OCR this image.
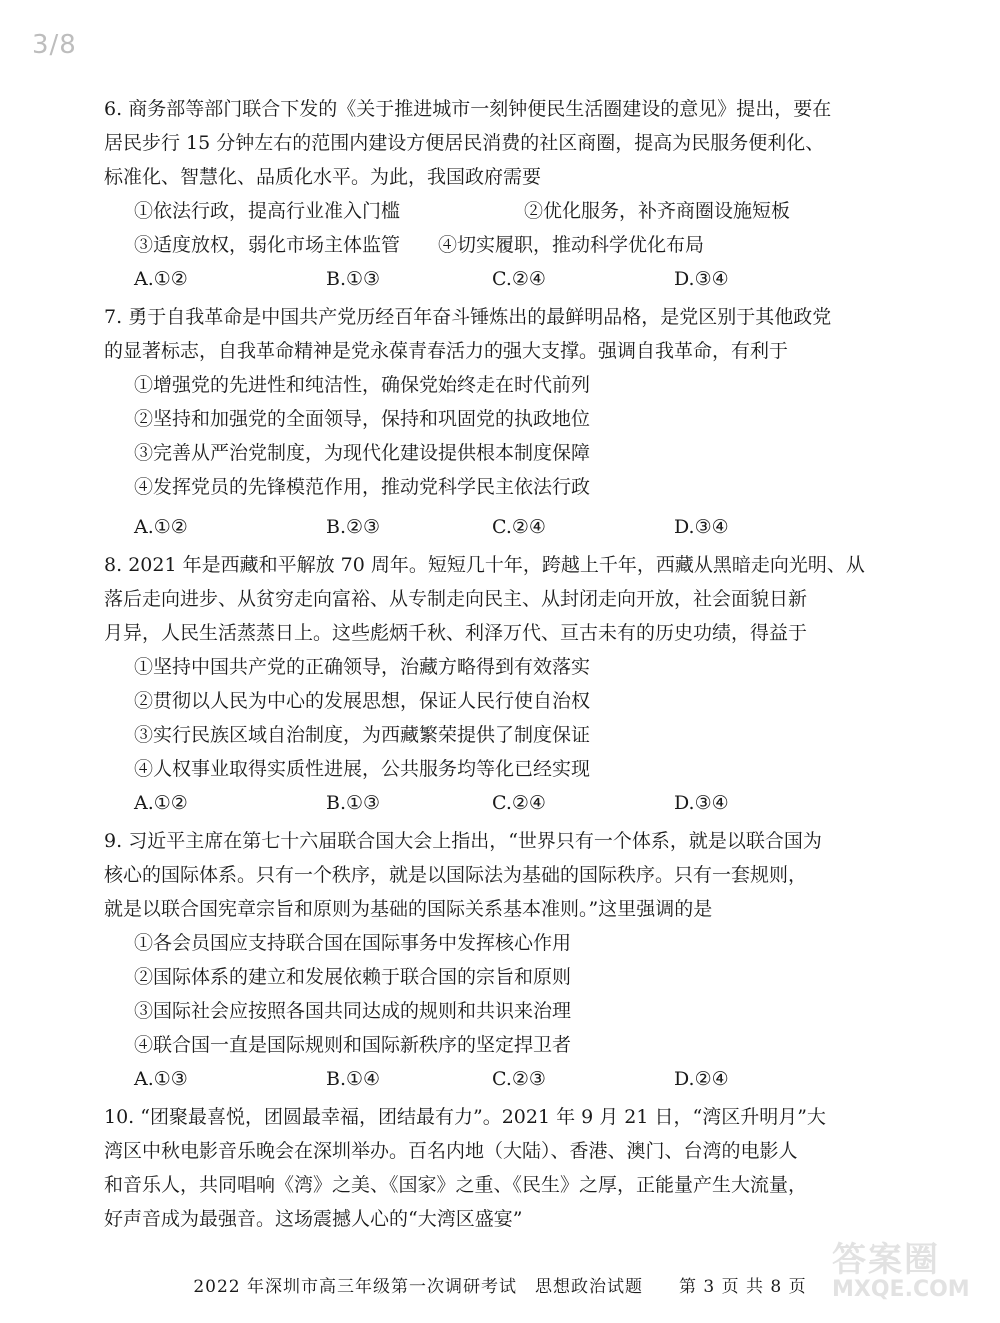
3/8
6. 商务部等部门联合下发的《关于推进城市一刻钟便民生活圈建设的意见》提出，要在
居民步行 15 分钟左右的范围内建设方便居民消费的社区商圈，提高为民服务便利化、
标准化、智慧化、品质化水平。为此，我国政府需要
①依法行政，提高行业准入门槛	②优化服务，补齐商圈设施短板
③适度放权，弱化市场主体监管 ④切实履职，推动科学优化布局
A.①②	B.①③	C.②④	D.③④
7. 勇于自我革命是中国共产党历经百年奋斗锤炼出的最鲜明品格，是党区别于其他政党
的显著标志，自我革命精神是党永葆青春活力的强大支撑。强调自我革命，有利于
①增强党的先进性和纯洁性，确保党始终走在时代前列
②坚持和加强党的全面领导，保持和巩固党的执政地位
③完善从严治党制度，为现代化建设提供根本制度保障
④发挥党员的先锋模范作用，推动党科学民主依法行政
A.①②	B.②③	C.②④	D.③④
8. 2021 年是西藏和平解放 70 周年。短短几十年，跨越上千年，西藏从黑暗走向光明、从
落后走向进步、从贫穷走向富裕、从专制走向民主、从封闭走向开放，社会面貌日新
月异，人民生活蒸蒸日上。这些彪炳千秋、利泽万代、亘古未有的历史功绩，得益于
①坚持中国共产党的正确领导，治藏方略得到有效落实
②贯彻以人民为中心的发展思想，保证人民行使自治权
③实行民族区域自治制度，为西藏繁荣提供了制度保证
④人权事业取得实质性进展，公共服务均等化已经实现
A.①②	B.①③	C.②④	D.③④
9. 习近平主席在第七十六届联合国大会上指出，“世界只有一个体系，就是以联合国为
核心的国际体系。只有一个秩序，就是以国际法为基础的国际秩序。只有一套规则，
就是以联合国宪章宗旨和原则为基础的国际关系基本准则。”这里强调的是
①各会员国应支持联合国在国际事务中发挥核心作用
②国际体系的建立和发展依赖于联合国的宗旨和原则
③国际社会应按照各国共同达成的规则和共识来治理
④联合国一直是国际规则和国际新秩序的坚定捍卫者
A.①③	B.①④	C.②③	D.②④
10. “团聚最喜悦，团圆最幸福，团结最有力”。2021 年 9 月 21 日，“湾区升明月”大
湾区中秋电影音乐晚会在深圳举办。百名内地（大陆）、香港、澳门、台湾的电影人
和音乐人，共同唱响《湾》之美、《国家》之重、《民生》之厚，正能量产生大流量，
好声音成为最强音。这场震撼人心的“大湾区盛宴”
2022 年深圳市高三年级第一次调研考试　思想政治试题　　第 3 页 共 8 页
答案圈
MXQE.COM
